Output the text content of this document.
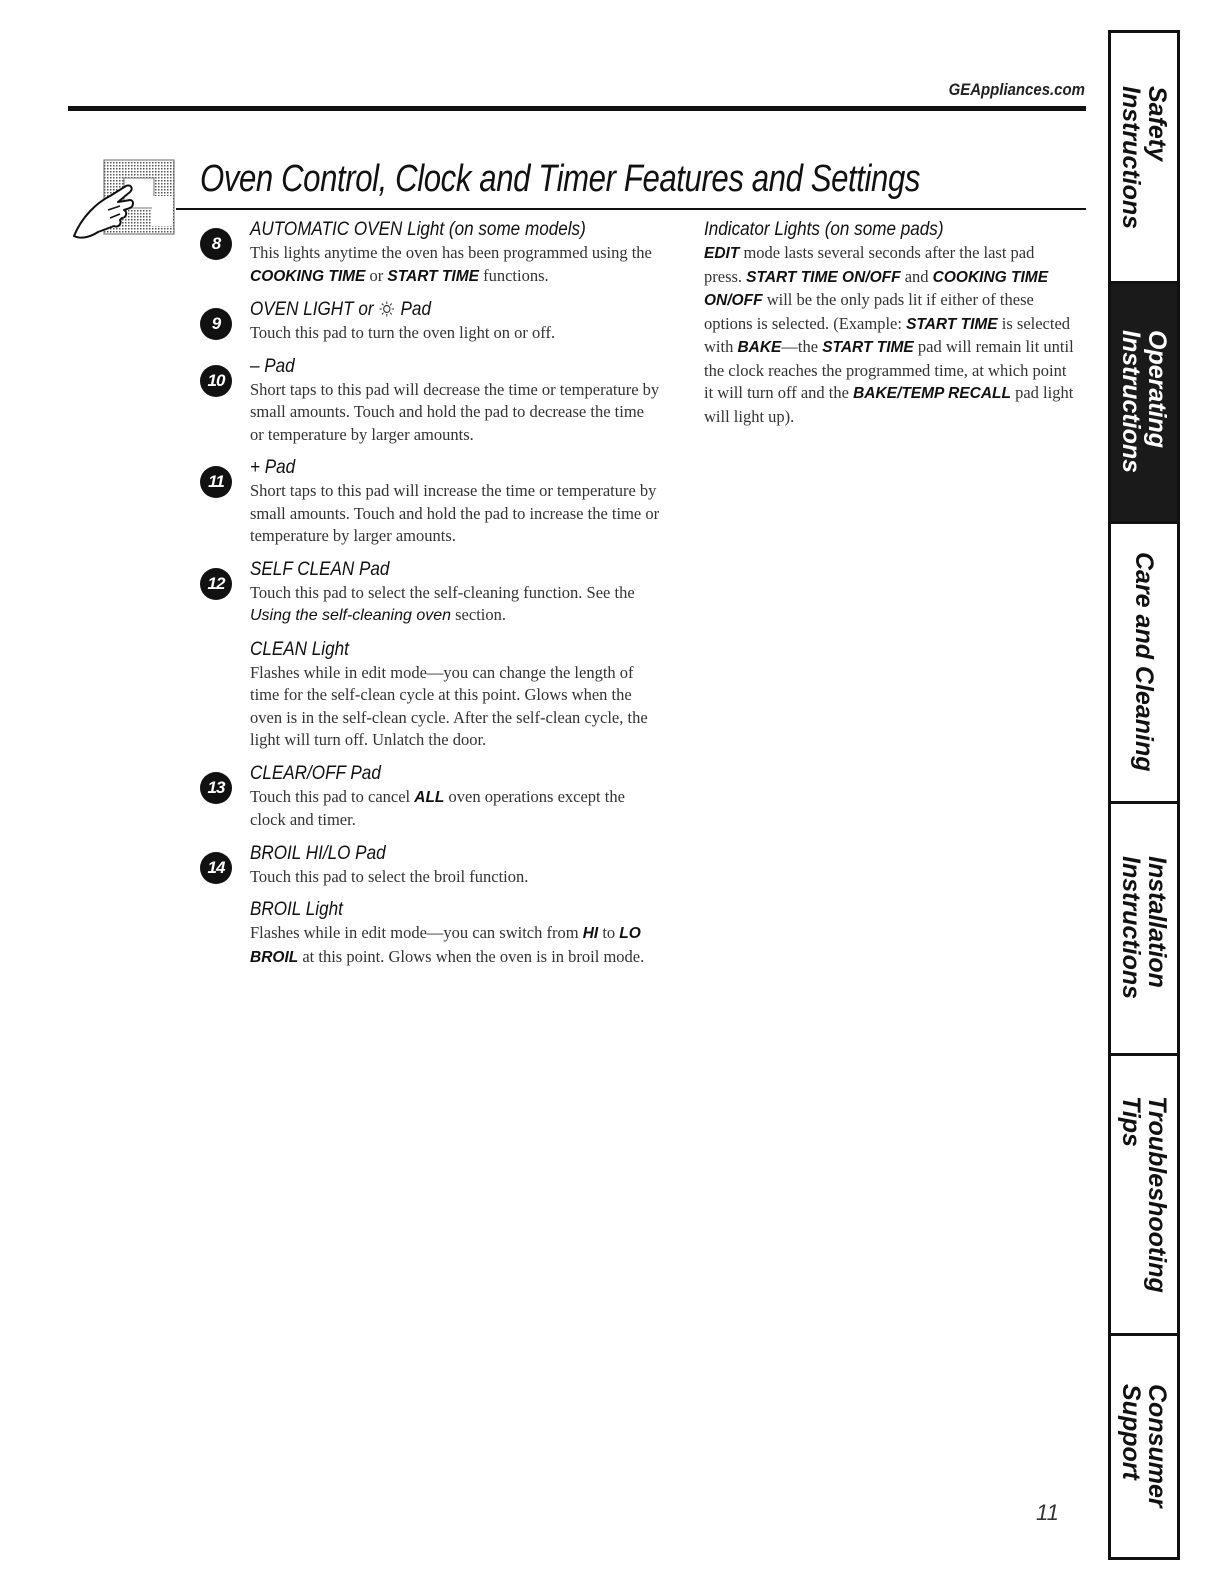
GEAppliances.com
Oven Control, Clock and Timer Features and Settings
8
AUTOMATIC OVEN Light (on some models)

This lights anytime the oven has been programmed using the COOKING TIME or START TIME functions.

9
OVEN LIGHT or Pad

Touch this pad to turn the oven light on or off.

10
– Pad

Short taps to this pad will decrease the time or temperature by small amounts. Touch and hold the pad to decrease the time or temperature by larger amounts.

11
+ Pad

Short taps to this pad will increase the time or temperature by small amounts. Touch and hold the pad to increase the time or temperature by larger amounts.

12
SELF CLEAN Pad

Touch this pad to select the self-cleaning function. See the Using the self-cleaning oven section.

CLEAN Light

Flashes while in edit mode—you can change the length of time for the self-clean cycle at this point. Glows when the oven is in the self-clean cycle. After the self-clean cycle, the light will turn off. Unlatch the door.

13
CLEAR/OFF Pad

Touch this pad to cancel ALL oven operations except the clock and timer.

14
BROIL HI/LO Pad

Touch this pad to select the broil function.

BROIL Light

Flashes while in edit mode—you can switch from HI to LO BROIL at this point. Glows when the oven is in broil mode.

Indicator Lights (on some pads)

EDIT mode lasts several seconds after the last pad press. START TIME ON/OFF and COOKING TIME ON/OFF will be the only pads lit if either of these options is selected. (Example: START TIME is selected with BAKE—the START TIME pad will remain lit until the clock reaches the programmed time, at which point it will turn off and the BAKE/TEMP RECALL pad light will light up).

11
Safety
Instructions
Operating
Instructions
Care and Cleaning
Installation
Instructions
Troubleshooting
Tips
Consumer
Support
